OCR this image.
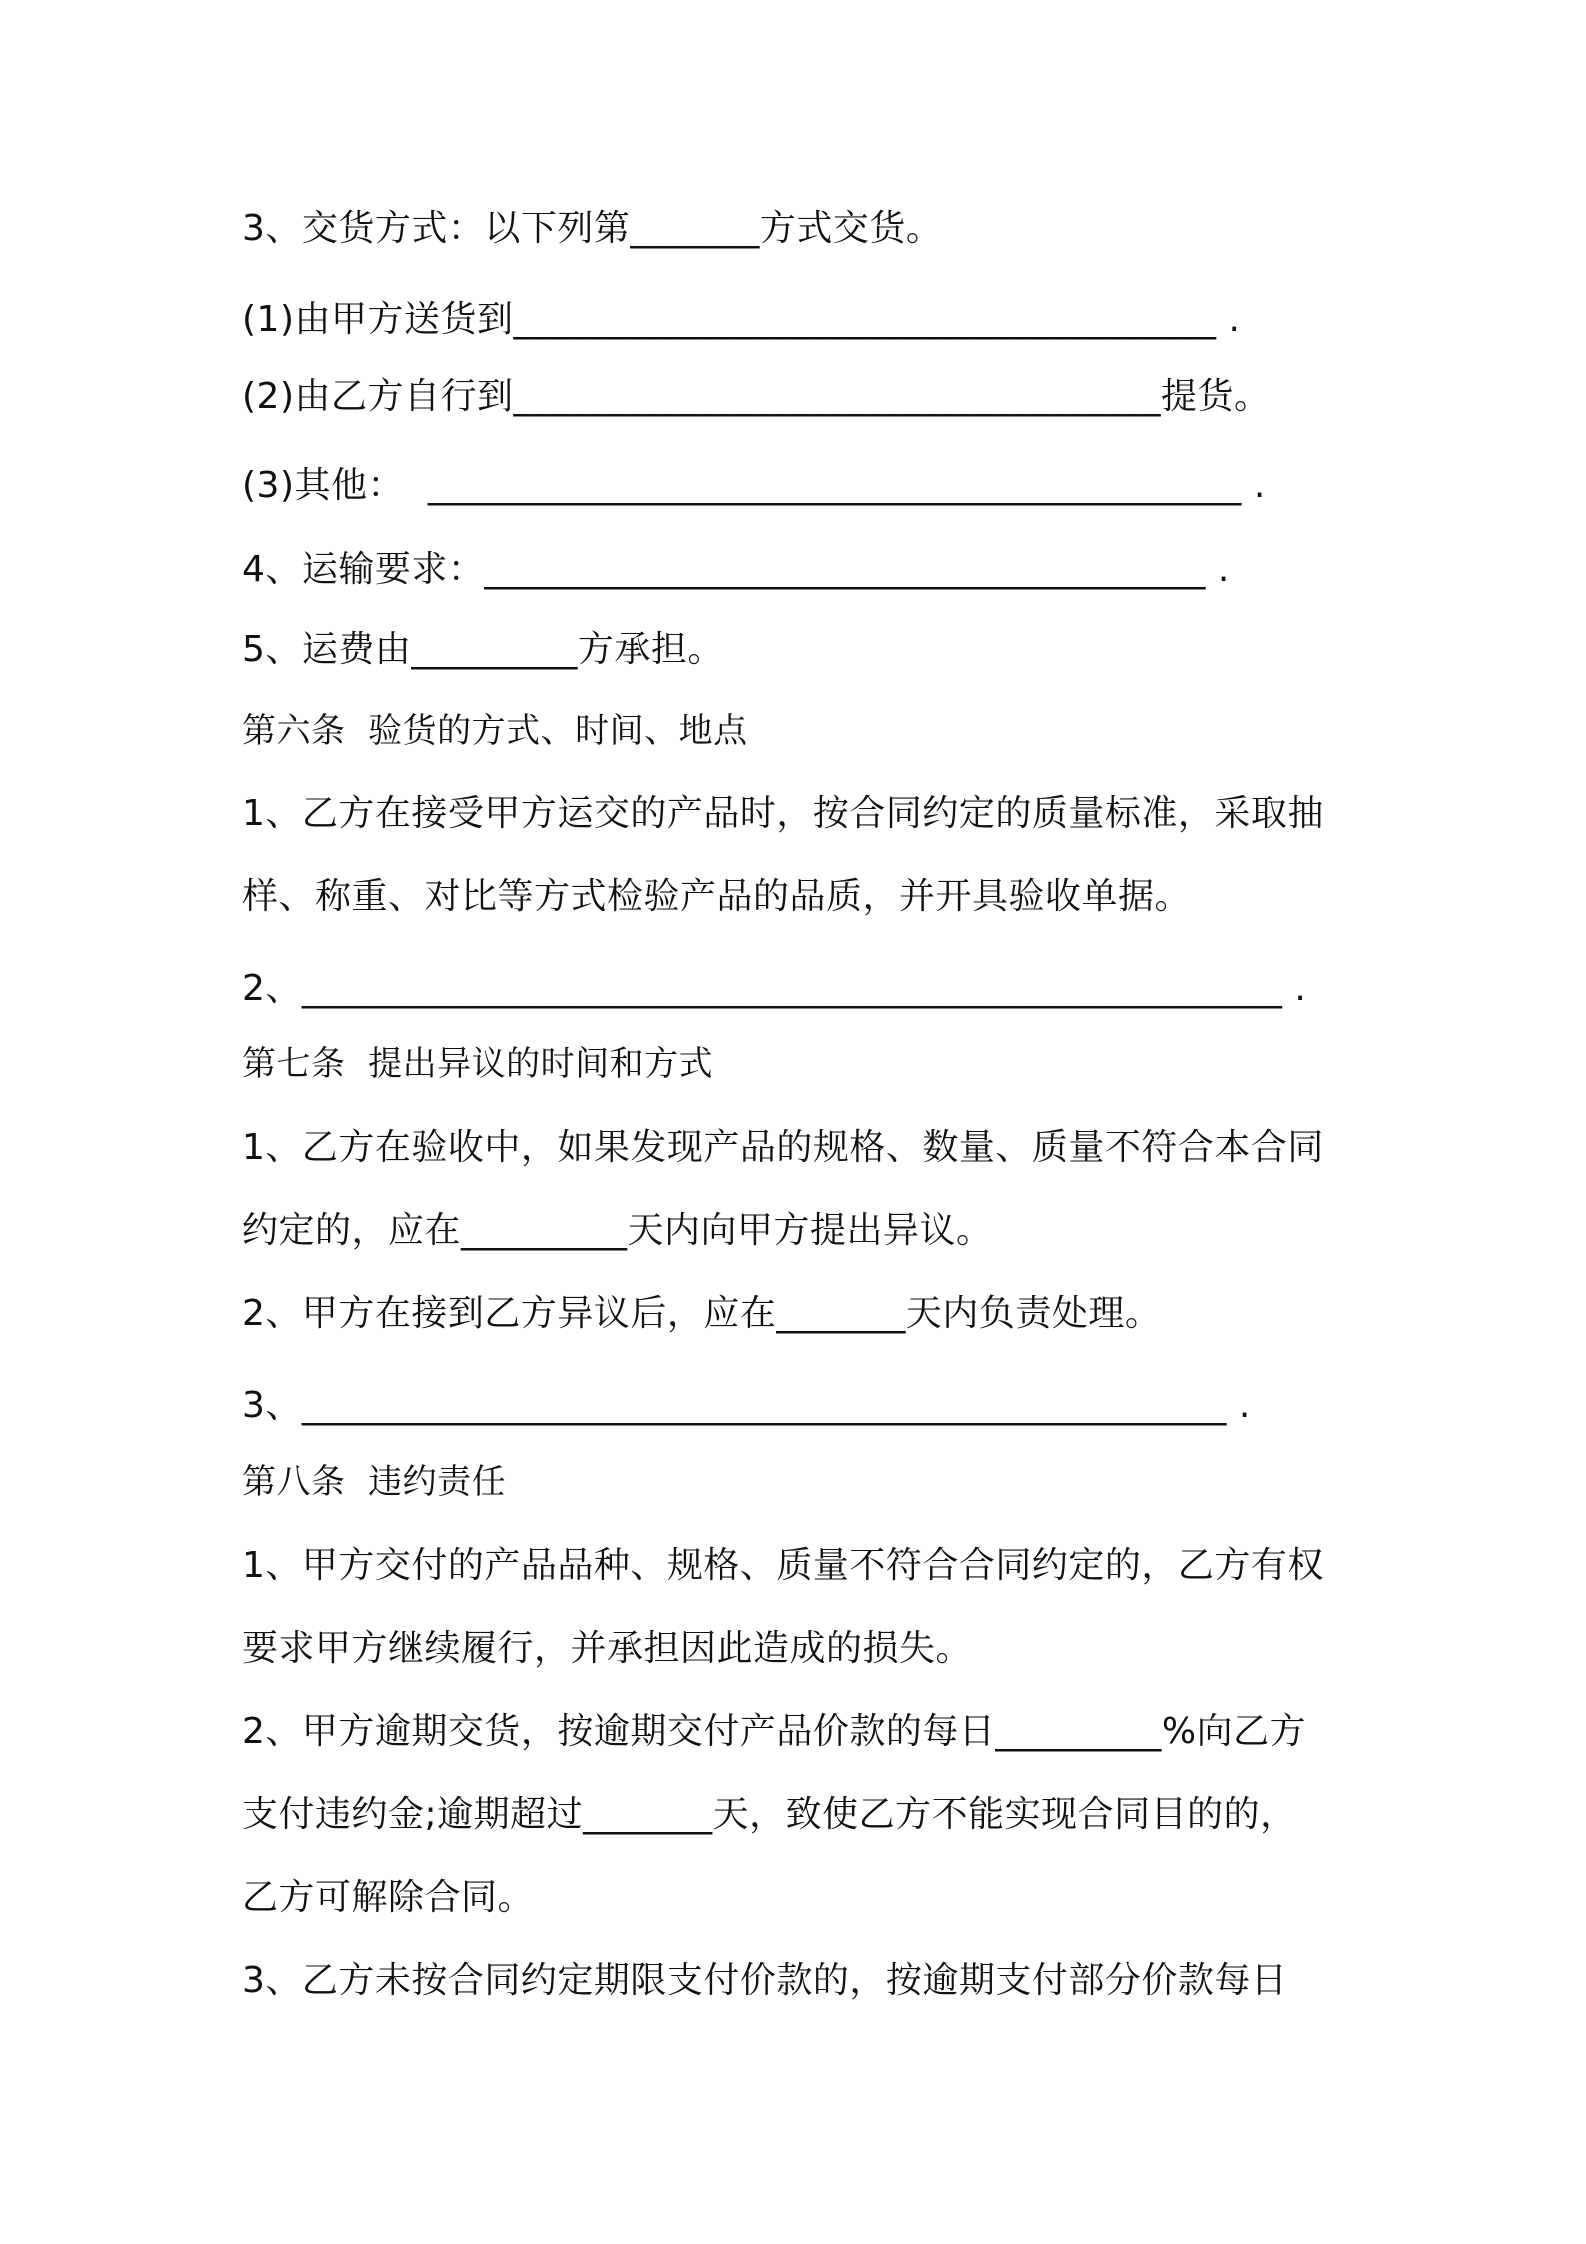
3、交货方式：以下列第_______方式交货。

(1)由甲方送货到______________________________________ .

(2)由乙方自行到___________________________________提货。

(3)其他：  ____________________________________________ .

4、运输要求：_______________________________________ .

5、运费由_________方承担。

第六条  验货的方式、时间、地点

1、乙方在接受甲方运交的产品时，按合同约定的质量标准，采取抽

样、称重、对比等方式检验产品的品质，并开具验收单据。

2、_____________________________________________________ .

第七条  提出异议的时间和方式

1、乙方在验收中，如果发现产品的规格、数量、质量不符合本合同

约定的，应在_________天内向甲方提出异议。

2、甲方在接到乙方异议后，应在_______天内负责处理。

3、__________________________________________________ .

第八条  违约责任

1、甲方交付的产品品种、规格、质量不符合合同约定的，乙方有权

要求甲方继续履行，并承担因此造成的损失。

2、甲方逾期交货，按逾期交付产品价款的每日_________%向乙方

支付违约金;逾期超过_______天，致使乙方不能实现合同目的的，

乙方可解除合同。

3、乙方未按合同约定期限支付价款的，按逾期支付部分价款每日
